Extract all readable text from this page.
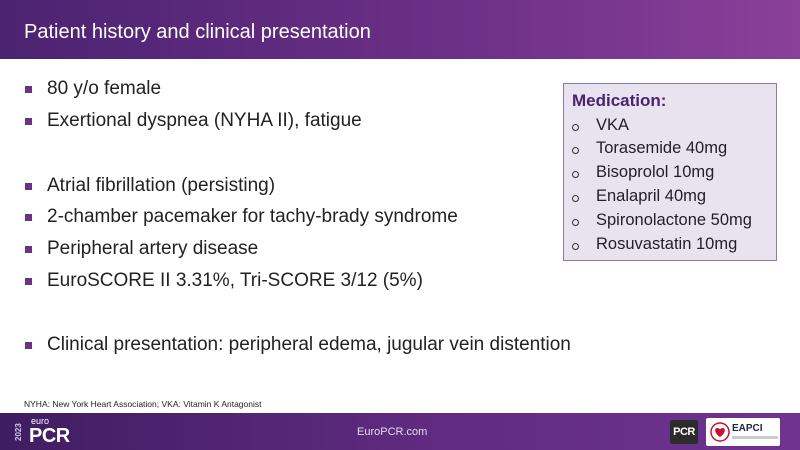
Patient history and clinical presentation
80 y/o female
Exertional dyspnea (NYHA II), fatigue
Atrial fibrillation (persisting)
2-chamber pacemaker for tachy-brady syndrome
Peripheral artery disease
EuroSCORE II 3.31%, Tri-SCORE 3/12 (5%)
Clinical presentation: peripheral edema, jugular vein distention
Medication:
VKA
Torasemide 40mg
Bisoprolol 10mg
Enalapril 40mg
Spironolactone 50mg
Rosuvastatin 10mg
NYHA: New York Heart Association; VKA: Vitamin K Antagonist
2023
euro
PCR	EuroPCR.com	PCR	EAPCI
